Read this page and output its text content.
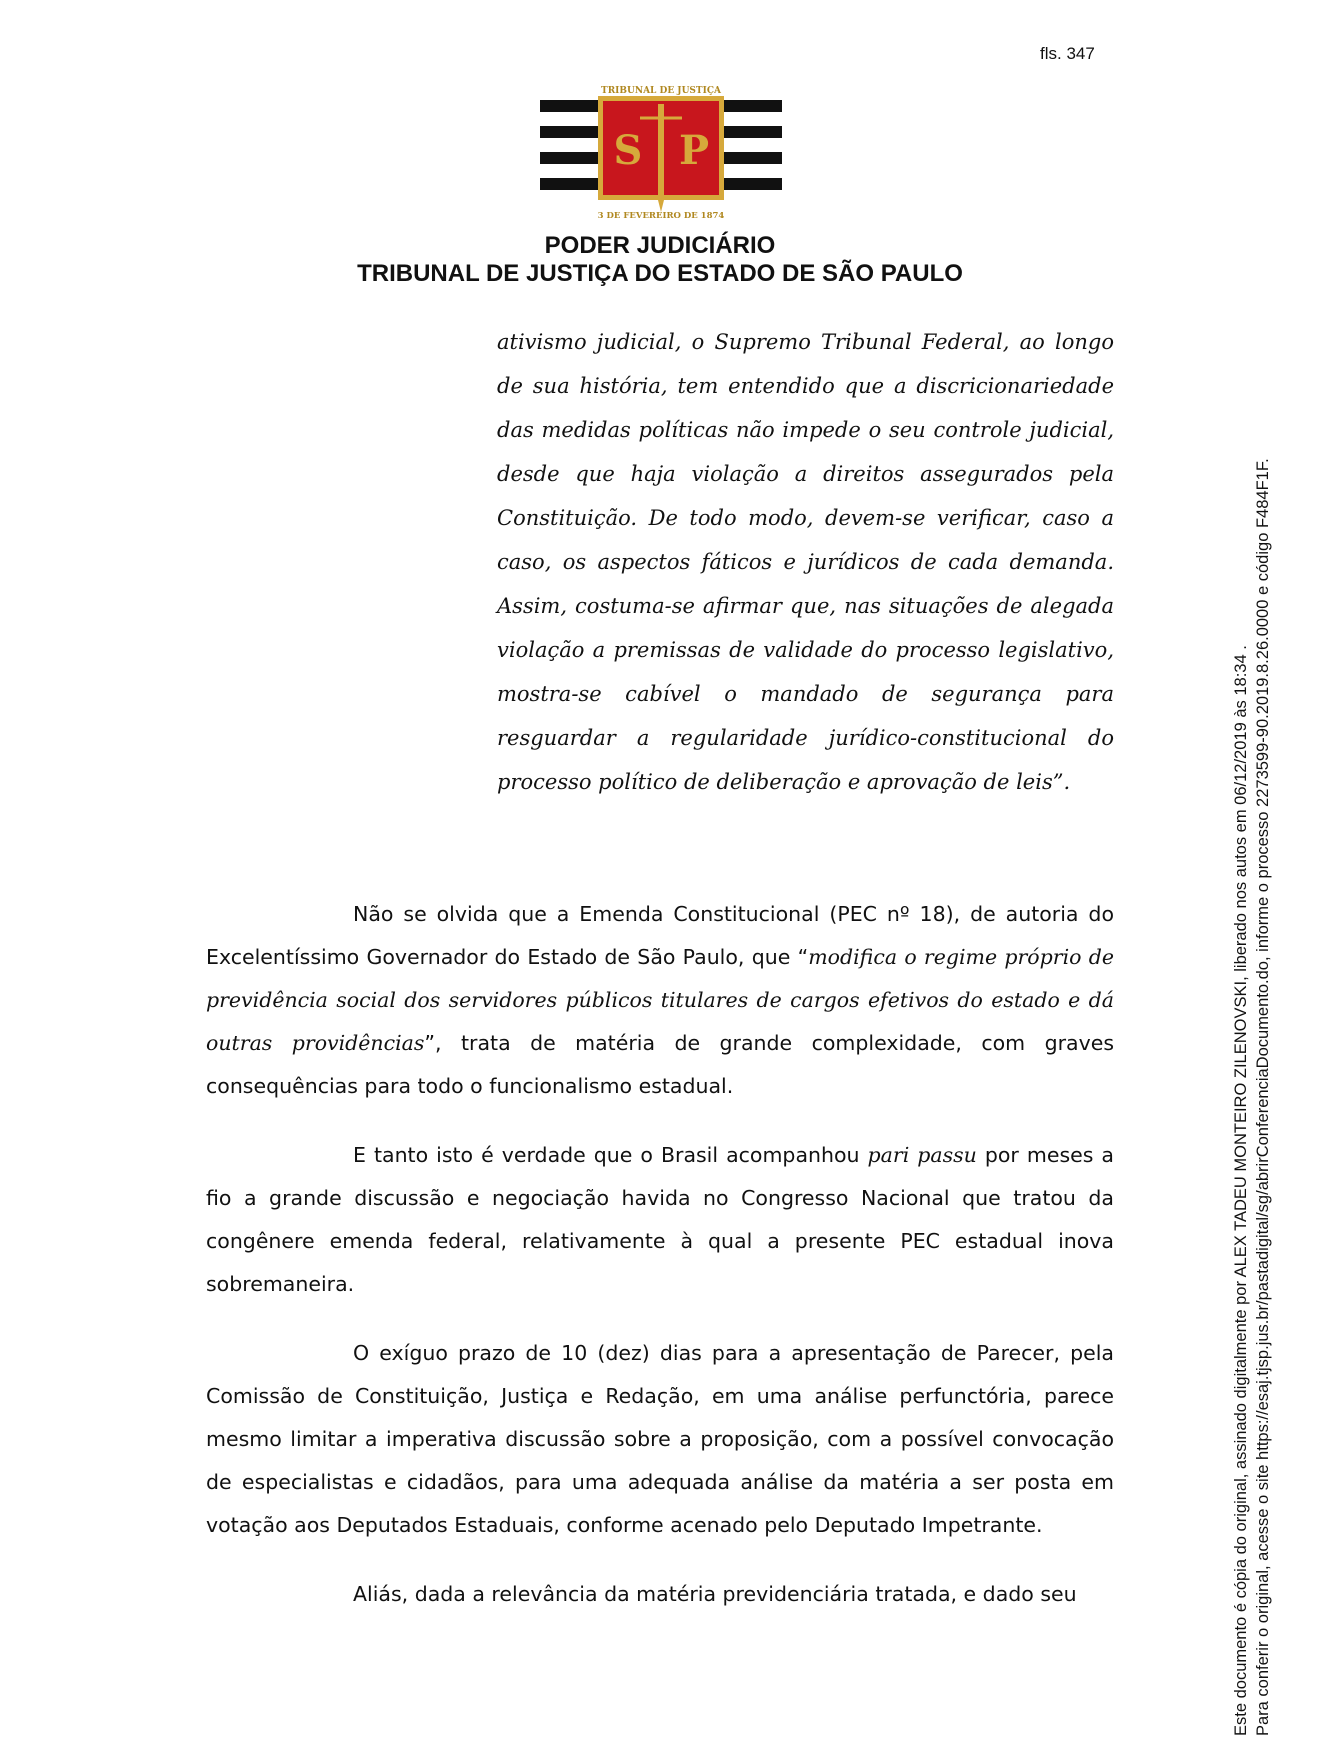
fls. 347
TRIBUNAL DE JUSTIÇA
S P
3 DE FEVEREIRO DE 1874
PODER JUDICIÁRIO
TRIBUNAL DE JUSTIÇA DO ESTADO DE SÃO PAULO

ativismo judicial, o Supremo Tribunal Federal, ao longo de sua história, tem entendido que a discricionariedade das medidas políticas não impede o seu controle judicial, desde que haja violação a direitos assegurados pela Constituição. De todo modo, devem-se verificar, caso a caso, os aspectos fáticos e jurídicos de cada demanda. Assim, costuma-se afirmar que, nas situações de alegada violação a premissas de validade do processo legislativo, mostra-se cabível o mandado de segurança para resguardar a regularidade jurídico-constitucional do processo político de deliberação e aprovação de leis”.

Não se olvida que a Emenda Constitucional (PEC nº 18), de autoria do Excelentíssimo Governador do Estado de São Paulo, que “modifica o regime próprio de previdência social dos servidores públicos titulares de cargos efetivos do estado e dá outras providências”, trata de matéria de grande complexidade, com graves consequências para todo o funcionalismo estadual.

E tanto isto é verdade que o Brasil acompanhou pari passu por meses a fio a grande discussão e negociação havida no Congresso Nacional que tratou da congênere emenda federal, relativamente à qual a presente PEC estadual inova sobremaneira.

O exíguo prazo de 10 (dez) dias para a apresentação de Parecer, pela Comissão de Constituição, Justiça e Redação, em uma análise perfunctória, parece mesmo limitar a imperativa discussão sobre a proposição, com a possível convocação de especialistas e cidadãos, para uma adequada análise da matéria a ser posta em votação aos Deputados Estaduais, conforme acenado pelo Deputado Impetrante.

Aliás, dada a relevância da matéria previdenciária tratada, e dado seu	Este documento é cópia do original, assinado digitalmente por ALEX TADEU MONTEIRO ZILENOVSKI, liberado nos autos em 06/12/2019 às 18:34 . Para conferir o original, acesse o site https://esaj.tjsp.jus.br/pastadigital/sg/abrirConferenciaDocumento.do, informe o processo 2273599-90.2019.8.26.0000 e código F484F1F.
